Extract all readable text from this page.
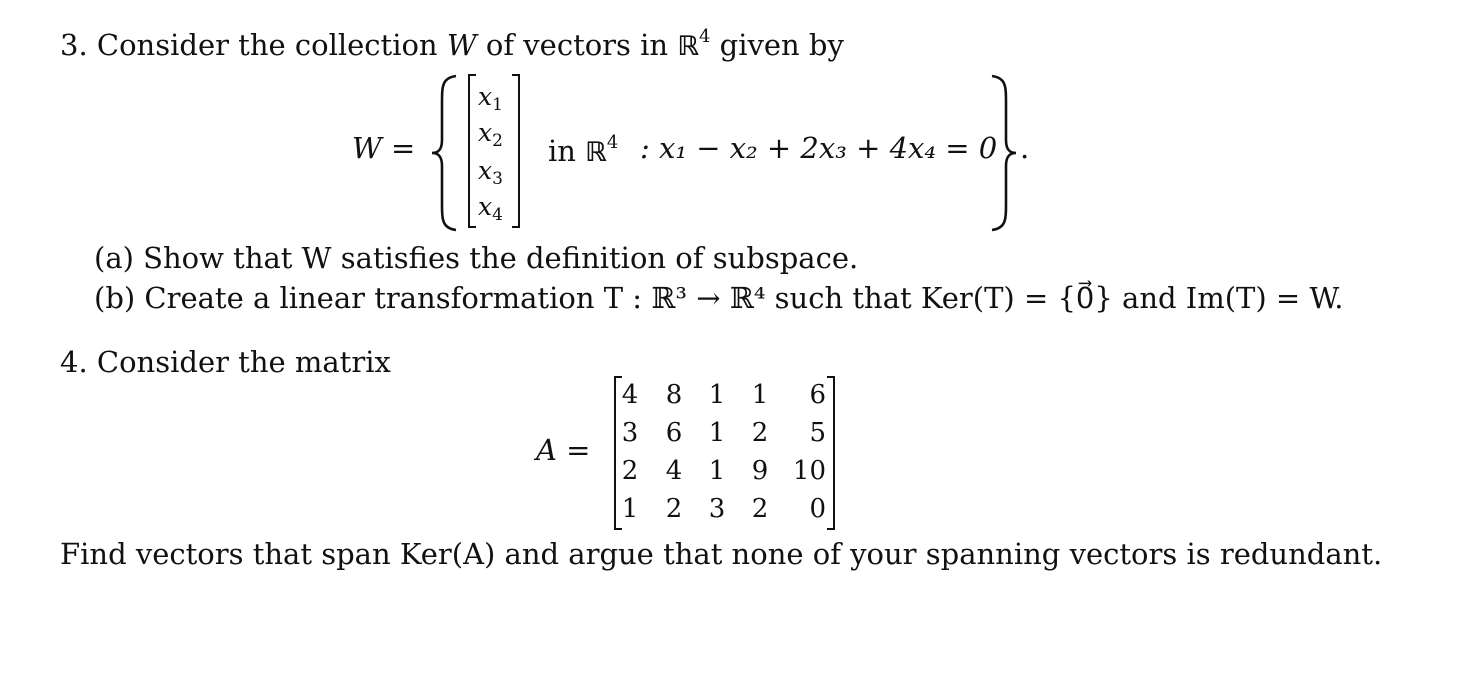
3. Consider the collection W of vectors in ℝ$^4$ given by
W =
$x_1$
$x_2$
$x_3$
$x_4$
in ℝ$^4$ : x₁ − x₂ + 2x₃ + 4x₄ = 0 .
(a) Show that W satisfies the definition of subspace.
(b) Create a linear transformation T : ℝ³ → ℝ⁴ such that Ker(T) = {0⃗} and Im(T) = W.
4. Consider the matrix
A =
4	8	1	1	6
3	6	1	2	5
2	4	1	9 10
1	2	3	2	0
Find vectors that span Ker(A) and argue that none of your spanning vectors is redundant.
